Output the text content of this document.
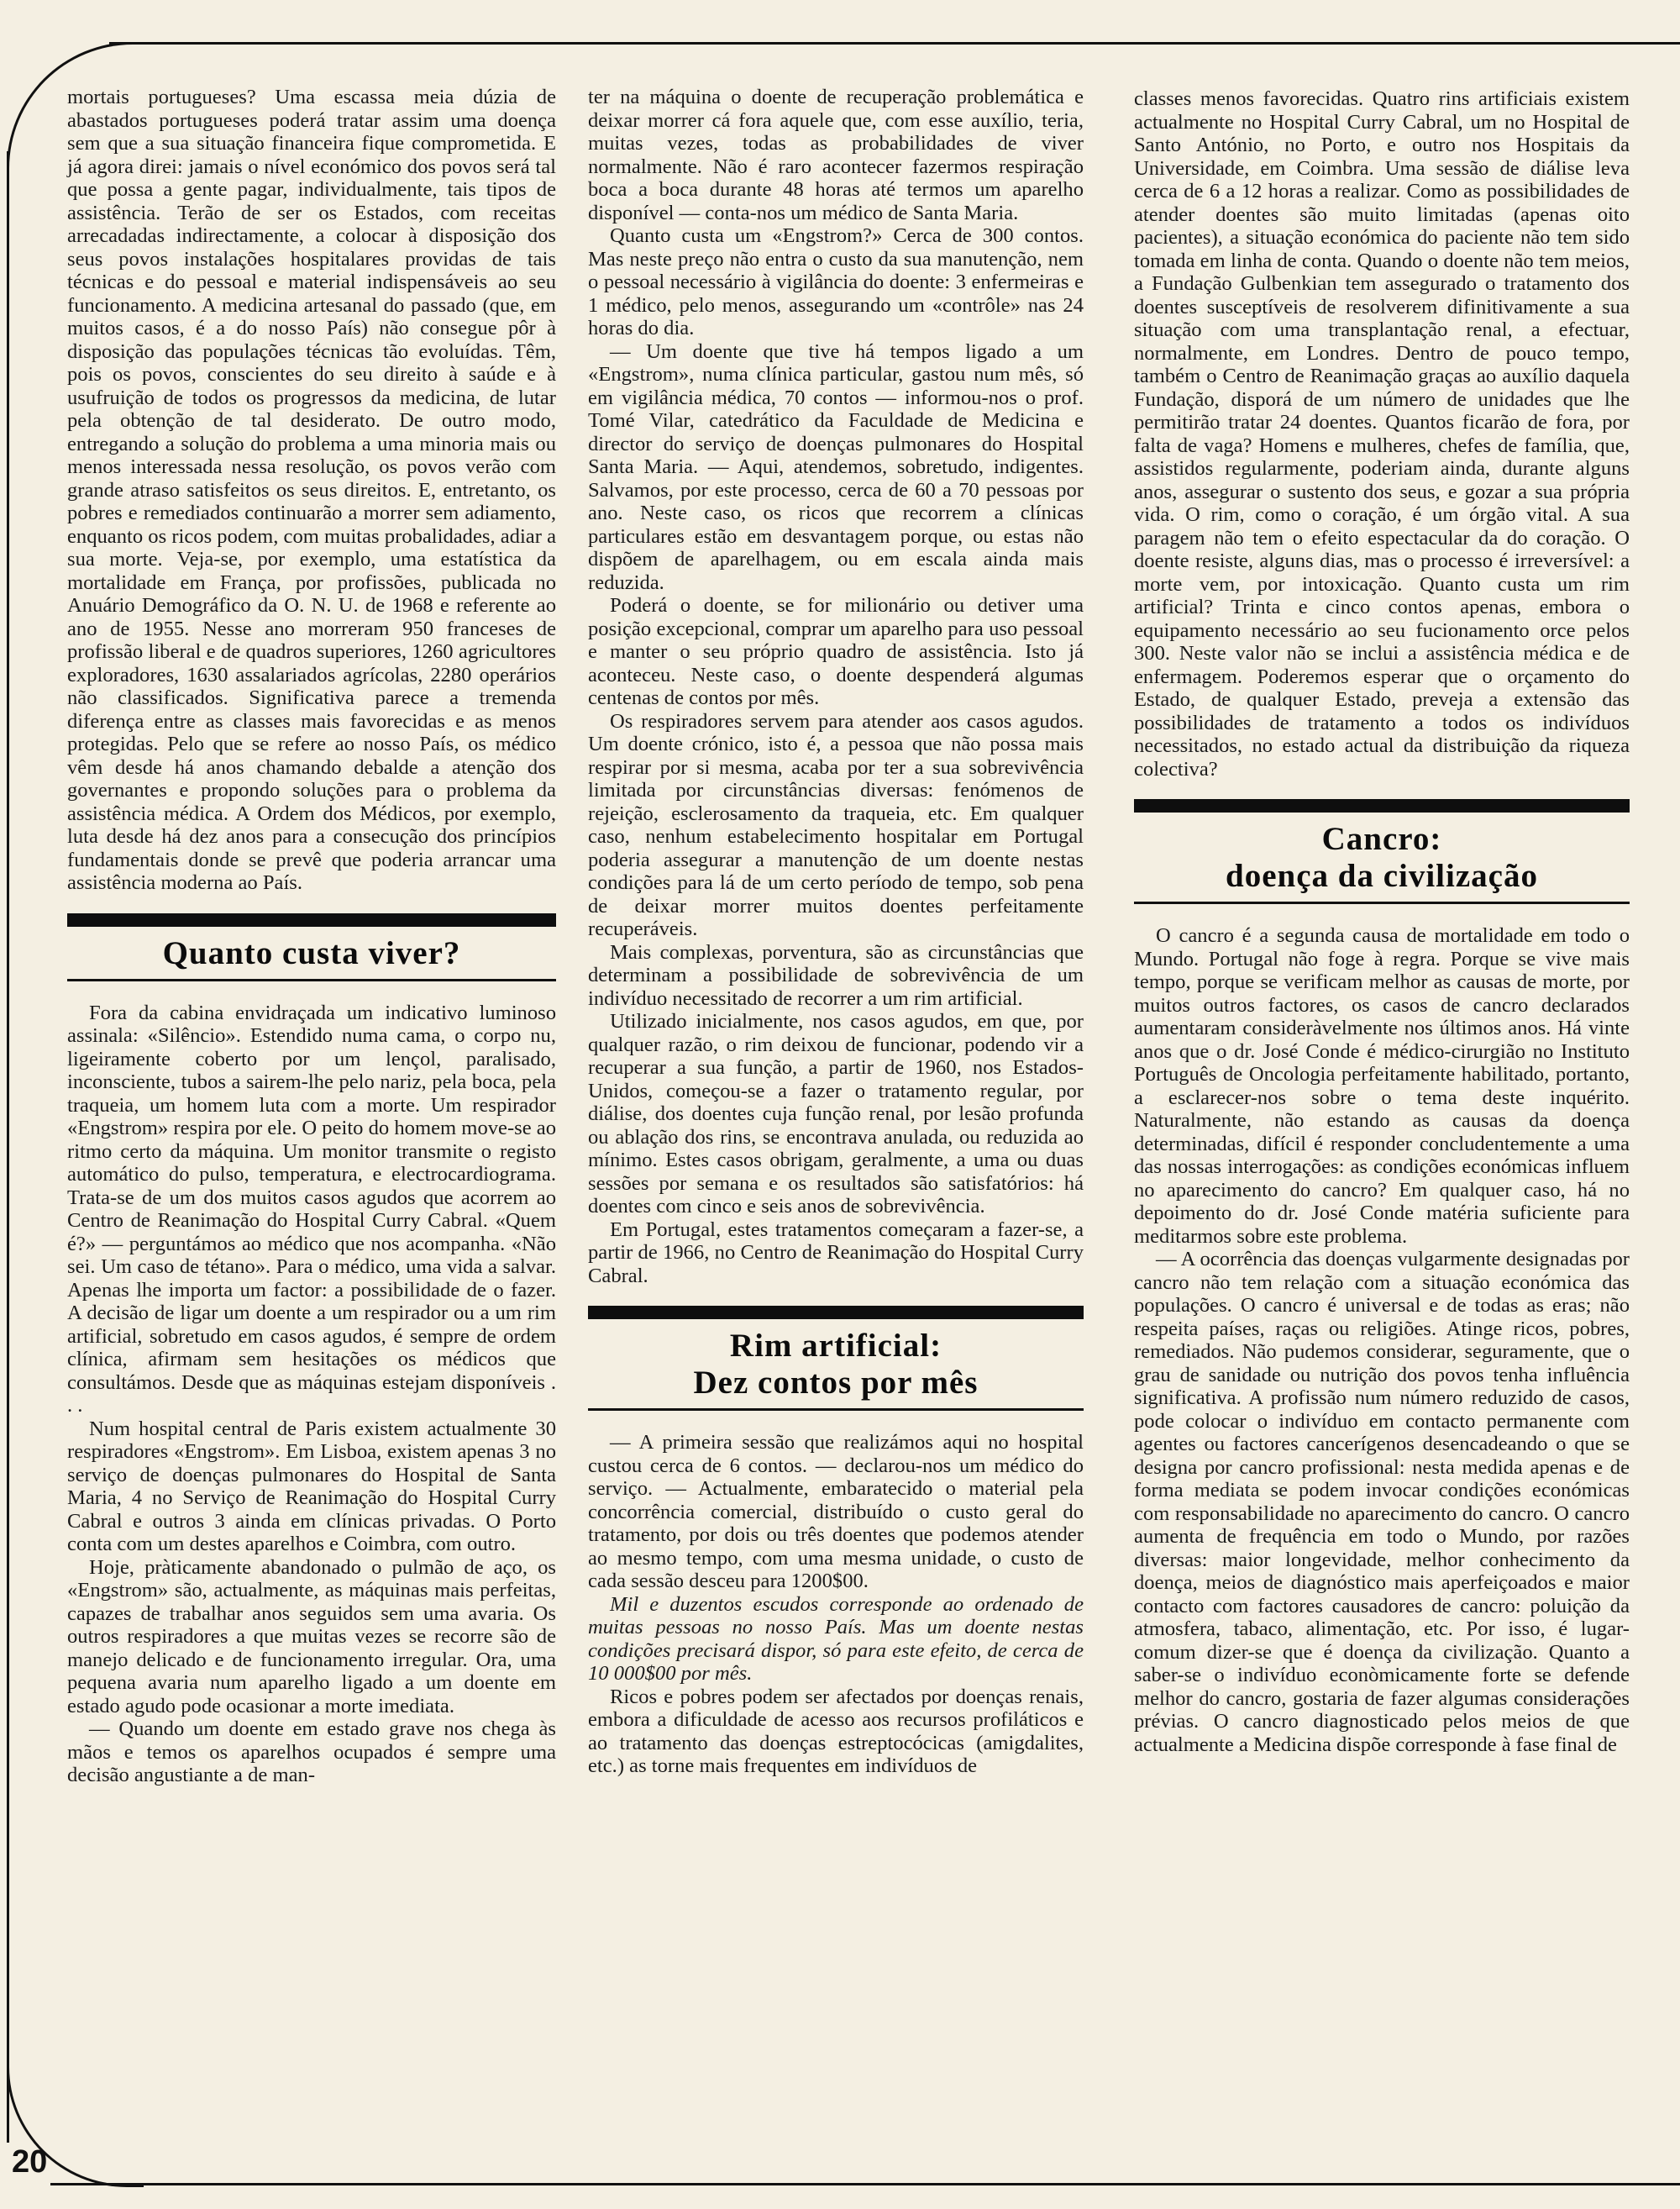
20

mortais portugueses? Uma escassa meia dúzia de abastados portugueses poderá tratar assim uma doença sem que a sua situação financeira fique comprometida. E já agora direi: jamais o nível económico dos povos será tal que possa a gente pagar, individualmente, tais tipos de assistência. Terão de ser os Estados, com receitas arrecadadas indirectamente, a colocar à disposição dos seus povos instalações hospitalares providas de tais técnicas e do pessoal e material indispensáveis ao seu funcionamento. A medicina artesanal do passado (que, em muitos casos, é a do nosso País) não consegue pôr à disposição das populações técnicas tão evoluídas. Têm, pois os povos, conscientes do seu direito à saúde e à usufruição de todos os progressos da medicina, de lutar pela obtenção de tal desiderato. De outro modo, entregando a solução do problema a uma minoria mais ou menos interessada nessa resolução, os povos verão com grande atraso satisfeitos os seus direitos. E, entretanto, os pobres e remediados continuarão a morrer sem adiamento, enquanto os ricos podem, com muitas probalidades, adiar a sua morte. Veja-se, por exemplo, uma estatística da mortalidade em França, por profissões, publicada no Anuário Demográfico da O. N. U. de 1968 e referente ao ano de 1955. Nesse ano morreram 950 franceses de profissão liberal e de quadros superiores, 1260 agricultores exploradores, 1630 assalariados agrícolas, 2280 operários não classificados. Significativa parece a tremenda diferença entre as classes mais favorecidas e as menos protegidas. Pelo que se refere ao nosso País, os médico vêm desde há anos chamando debalde a atenção dos governantes e propondo soluções para o problema da assistência médica. A Ordem dos Médicos, por exemplo, luta desde há dez anos para a consecução dos princípios fundamentais donde se prevê que poderia arrancar uma assistência moderna ao País.

Quanto custa viver?

Fora da cabina envidraçada um indicativo luminoso assinala: «Silêncio». Estendido numa cama, o corpo nu, ligeiramente coberto por um lençol, paralisado, inconsciente, tubos a sairem-lhe pelo nariz, pela boca, pela traqueia, um homem luta com a morte. Um respirador «Engstrom» respira por ele. O peito do homem move-se ao ritmo certo da máquina. Um monitor transmite o registo automático do pulso, temperatura, e electrocardiograma. Trata-se de um dos muitos casos agudos que acorrem ao Centro de Reanimação do Hospital Curry Cabral. «Quem é?» — perguntámos ao médico que nos acompanha. «Não sei. Um caso de tétano». Para o médico, uma vida a salvar. Apenas lhe importa um factor: a possibilidade de o fazer. A decisão de ligar um doente a um respirador ou a um rim artificial, sobretudo em casos agudos, é sempre de ordem clínica, afirmam sem hesitações os médicos que consultámos. Desde que as máquinas estejam disponíveis . . .

Num hospital central de Paris existem actualmente 30 respiradores «Engstrom». Em Lisboa, existem apenas 3 no serviço de doenças pulmonares do Hospital de Santa Maria, 4 no Serviço de Reanimação do Hospital Curry Cabral e outros 3 ainda em clínicas privadas. O Porto conta com um destes aparelhos e Coimbra, com outro.

Hoje, pràticamente abandonado o pulmão de aço, os «Engstrom» são, actualmente, as máquinas mais perfeitas, capazes de trabalhar anos seguidos sem uma avaria. Os outros respiradores a que muitas vezes se recorre são de manejo delicado e de funcionamento irregular. Ora, uma pequena avaria num aparelho ligado a um doente em estado agudo pode ocasionar a morte imediata.

— Quando um doente em estado grave nos chega às mãos e temos os aparelhos ocupados é sempre uma decisão angustiante a de man-

ter na máquina o doente de recuperação problemática e deixar morrer cá fora aquele que, com esse auxílio, teria, muitas vezes, todas as probabilidades de viver normalmente. Não é raro acontecer fazermos respiração boca a boca durante 48 horas até termos um aparelho disponível — conta-nos um médico de Santa Maria.

Quanto custa um «Engstrom?» Cerca de 300 contos. Mas neste preço não entra o custo da sua manutenção, nem o pessoal necessário à vigilância do doente: 3 enfermeiras e 1 médico, pelo menos, assegurando um «contrôle» nas 24 horas do dia.

— Um doente que tive há tempos ligado a um «Engstrom», numa clínica particular, gastou num mês, só em vigilância médica, 70 contos — informou-nos o prof. Tomé Vilar, catedrático da Faculdade de Medicina e director do serviço de doenças pulmonares do Hospital Santa Maria. — Aqui, atendemos, sobretudo, indigentes. Salvamos, por este processo, cerca de 60 a 70 pessoas por ano. Neste caso, os ricos que recorrem a clínicas particulares estão em desvantagem porque, ou estas não dispõem de aparelhagem, ou em escala ainda mais reduzida.

Poderá o doente, se for milionário ou detiver uma posição excepcional, comprar um aparelho para uso pessoal e manter o seu próprio quadro de assistência. Isto já aconteceu. Neste caso, o doente despenderá algumas centenas de contos por mês.

Os respiradores servem para atender aos casos agudos. Um doente crónico, isto é, a pessoa que não possa mais respirar por si mesma, acaba por ter a sua sobrevivência limitada por circunstâncias diversas: fenómenos de rejeição, esclerosamento da traqueia, etc. Em qualquer caso, nenhum estabelecimento hospitalar em Portugal poderia assegurar a manutenção de um doente nestas condições para lá de um certo período de tempo, sob pena de deixar morrer muitos doentes perfeitamente recuperáveis.

Mais complexas, porventura, são as circunstâncias que determinam a possibilidade de sobrevivência de um indivíduo necessitado de recorrer a um rim artificial.

Utilizado inicialmente, nos casos agudos, em que, por qualquer razão, o rim deixou de funcionar, podendo vir a recuperar a sua função, a partir de 1960, nos Estados-Unidos, começou-se a fazer o tratamento regular, por diálise, dos doentes cuja função renal, por lesão profunda ou ablação dos rins, se encontrava anulada, ou reduzida ao mínimo. Estes casos obrigam, geralmente, a uma ou duas sessões por semana e os resultados são satisfatórios: há doentes com cinco e seis anos de sobrevivência.

Em Portugal, estes tratamentos começaram a fazer-se, a partir de 1966, no Centro de Reanimação do Hospital Curry Cabral.

Rim artificial:
Dez contos por mês

— A primeira sessão que realizámos aqui no hospital custou cerca de 6 contos. — declarou-nos um médico do serviço. — Actualmente, embaratecido o material pela concorrência comercial, distribuído o custo geral do tratamento, por dois ou três doentes que podemos atender ao mesmo tempo, com uma mesma unidade, o custo de cada sessão desceu para 1200$00.

Mil e duzentos escudos corresponde ao ordenado de muitas pessoas no nosso País. Mas um doente nestas condições precisará dispor, só para este efeito, de cerca de 10 000$00 por mês.

Ricos e pobres podem ser afectados por doenças renais, embora a dificuldade de acesso aos recursos profiláticos e ao tratamento das doenças estreptocócicas (amigdalites, etc.) as torne mais frequentes em indivíduos de

classes menos favorecidas. Quatro rins artificiais existem actualmente no Hospital Curry Cabral, um no Hospital de Santo António, no Porto, e outro nos Hospitais da Universidade, em Coimbra. Uma sessão de diálise leva cerca de 6 a 12 horas a realizar. Como as possibilidades de atender doentes são muito limitadas (apenas oito pacientes), a situação económica do paciente não tem sido tomada em linha de conta. Quando o doente não tem meios, a Fundação Gulbenkian tem assegurado o tratamento dos doentes susceptíveis de resolverem difinitivamente a sua situação com uma transplantação renal, a efectuar, normalmente, em Londres. Dentro de pouco tempo, também o Centro de Reanimação graças ao auxílio daquela Fundação, disporá de um número de unidades que lhe permitirão tratar 24 doentes. Quantos ficarão de fora, por falta de vaga? Homens e mulheres, chefes de família, que, assistidos regularmente, poderiam ainda, durante alguns anos, assegurar o sustento dos seus, e gozar a sua própria vida. O rim, como o coração, é um órgão vital. A sua paragem não tem o efeito espectacular da do coração. O doente resiste, alguns dias, mas o processo é irreversível: a morte vem, por intoxicação. Quanto custa um rim artificial? Trinta e cinco contos apenas, embora o equipamento necessário ao seu fucionamento orce pelos 300. Neste valor não se inclui a assistência médica e de enfermagem. Poderemos esperar que o orçamento do Estado, de qualquer Estado, preveja a extensão das possibilidades de tratamento a todos os indivíduos necessitados, no estado actual da distribuição da riqueza colectiva?

Cancro:
doença da civilização

O cancro é a segunda causa de mortalidade em todo o Mundo. Portugal não foge à regra. Porque se vive mais tempo, porque se verificam melhor as causas de morte, por muitos outros factores, os casos de cancro declarados aumentaram consideràvelmente nos últimos anos. Há vinte anos que o dr. José Conde é médico-cirurgião no Instituto Português de Oncologia perfeitamente habilitado, portanto, a esclarecer-nos sobre o tema deste inquérito. Naturalmente, não estando as causas da doença determinadas, difícil é responder concludentemente a uma das nossas interrogações: as condições económicas influem no aparecimento do cancro? Em qualquer caso, há no depoimento do dr. José Conde matéria suficiente para meditarmos sobre este problema.

— A ocorrência das doenças vulgarmente designadas por cancro não tem relação com a situação económica das populações. O cancro é universal e de todas as eras; não respeita países, raças ou religiões. Atinge ricos, pobres, remediados. Não pudemos considerar, seguramente, que o grau de sanidade ou nutrição dos povos tenha influência significativa. A profissão num número reduzido de casos, pode colocar o indivíduo em contacto permanente com agentes ou factores cancerígenos desencadeando o que se designa por cancro profissional: nesta medida apenas e de forma mediata se podem invocar condições económicas com responsabilidade no aparecimento do cancro. O cancro aumenta de frequência em todo o Mundo, por razões diversas: maior longevidade, melhor conhecimento da doença, meios de diagnóstico mais aperfeiçoados e maior contacto com factores causadores de cancro: poluição da atmosfera, tabaco, alimentação, etc. Por isso, é lugar-comum dizer-se que é doença da civilização. Quanto a saber-se o indivíduo econòmicamente forte se defende melhor do cancro, gostaria de fazer algumas considerações prévias. O cancro diagnosticado pelos meios de que actualmente a Medicina dispõe corresponde à fase final de
